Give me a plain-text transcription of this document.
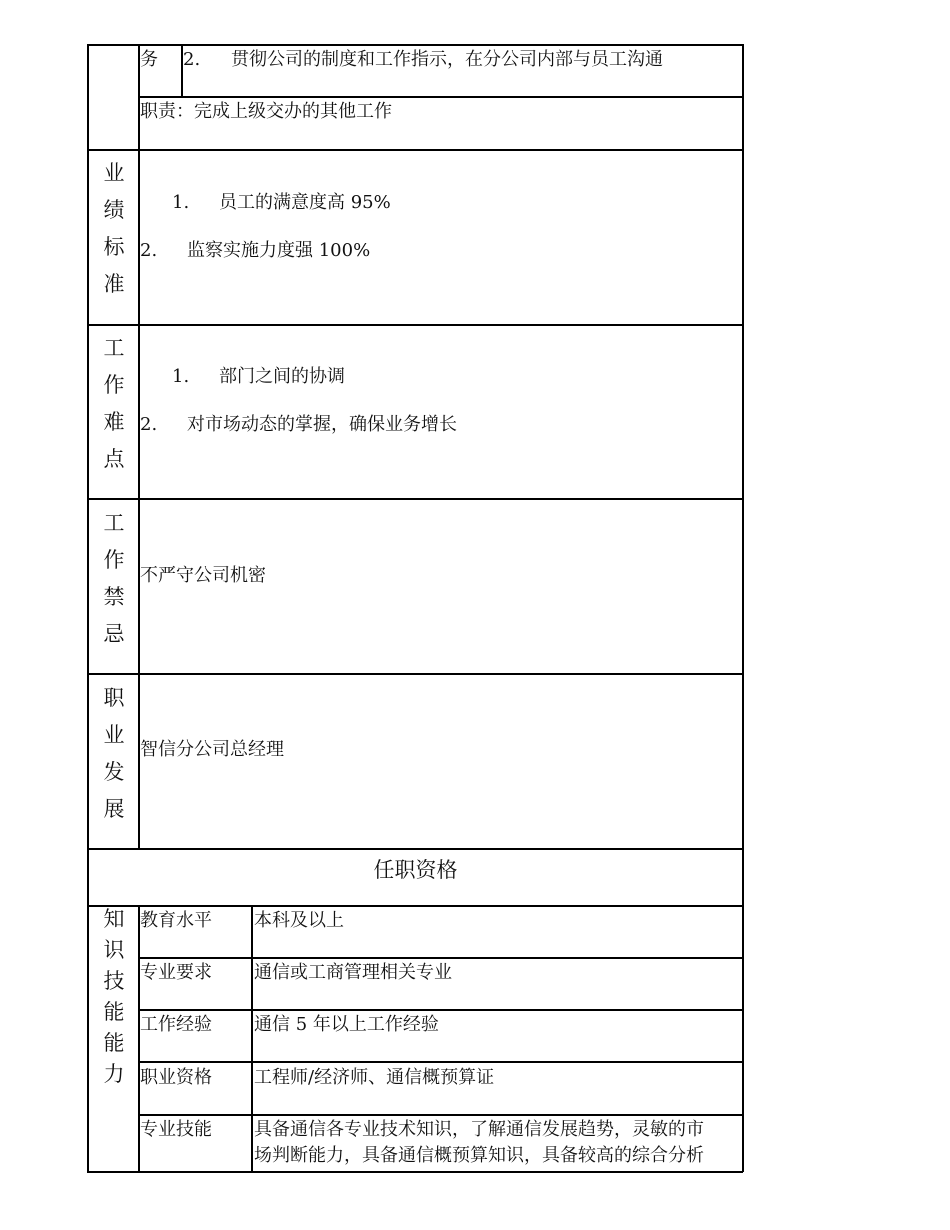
务 2. 贯彻公司的制度和工作指示，在分公司内部与员工沟通
职责：完成上级交办的其他工作
业
绩
标
准
1. 员工的满意度高 95%
2. 监察实施力度强 100%
工
作
难
点
1. 部门之间的协调
2. 对市场动态的掌握，确保业务增长
工
作
禁
忌
不严守公司机密
职
业
发
展
智信分公司总经理
任职资格
知
识
技
能
能
力
教育水平 本科及以上
专业要求 通信或工商管理相关专业
工作经验 通信 5 年以上工作经验
职业资格 工程师/经济师、通信概预算证
专业技能 具备通信各专业技术知识，了解通信发展趋势，灵敏的市
场判断能力，具备通信概预算知识，具备较高的综合分析
